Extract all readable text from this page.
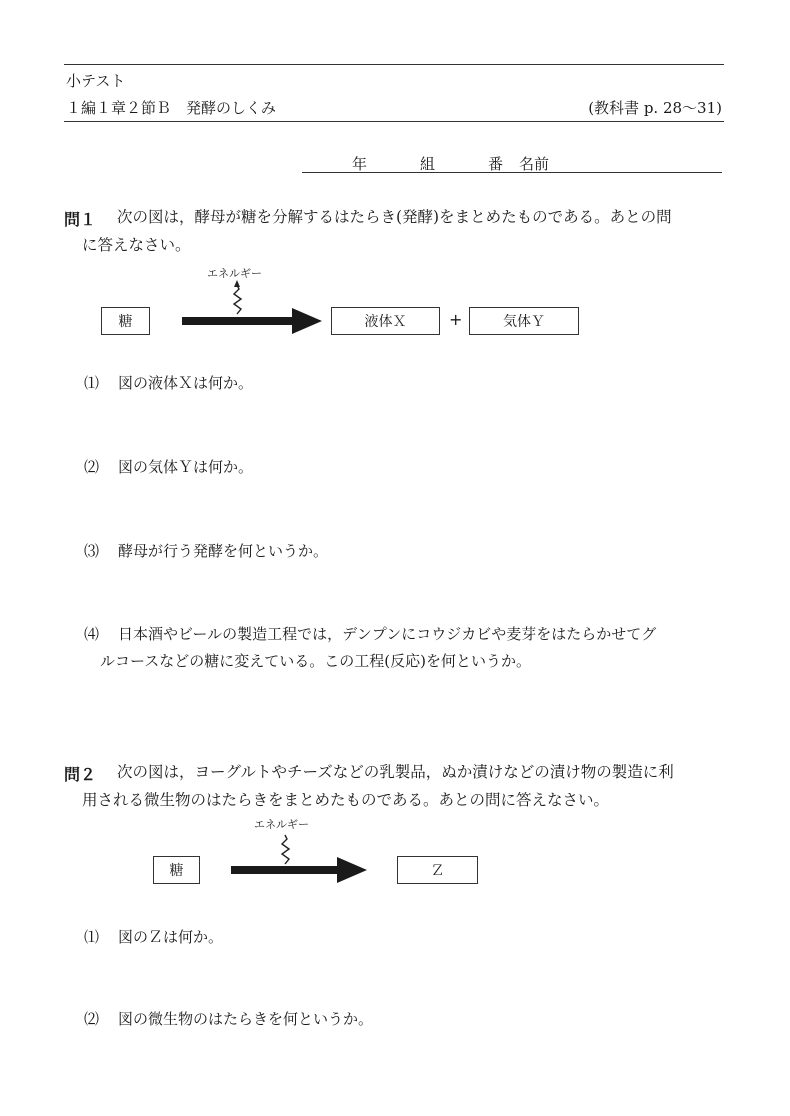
小テスト
１編１章２節Ｂ　発酵のしくみ	(教科書 p. 28〜31)
年	組	番 名前
問１ 次の図は，酵母が糖を分解するはたらき(発酵)をまとめたものである。あとの問
に答えなさい。
エネルギー
糖	液体Ｘ	+	気体Ｙ
⑴ 図の液体Ｘは何か。
⑵ 図の気体Ｙは何か。
⑶ 酵母が行う発酵を何というか。
⑷ 日本酒やビールの製造工程では，デンプンにコウジカビや麦芽をはたらかせてグ
ルコースなどの糖に変えている。この工程(反応)を何というか。
問２ 次の図は，ヨーグルトやチーズなどの乳製品，ぬか漬けなどの漬け物の製造に利
用される微生物のはたらきをまとめたものである。あとの問に答えなさい。
エネルギー
糖	Ｚ
⑴ 図のＺは何か。
⑵ 図の微生物のはたらきを何というか。
